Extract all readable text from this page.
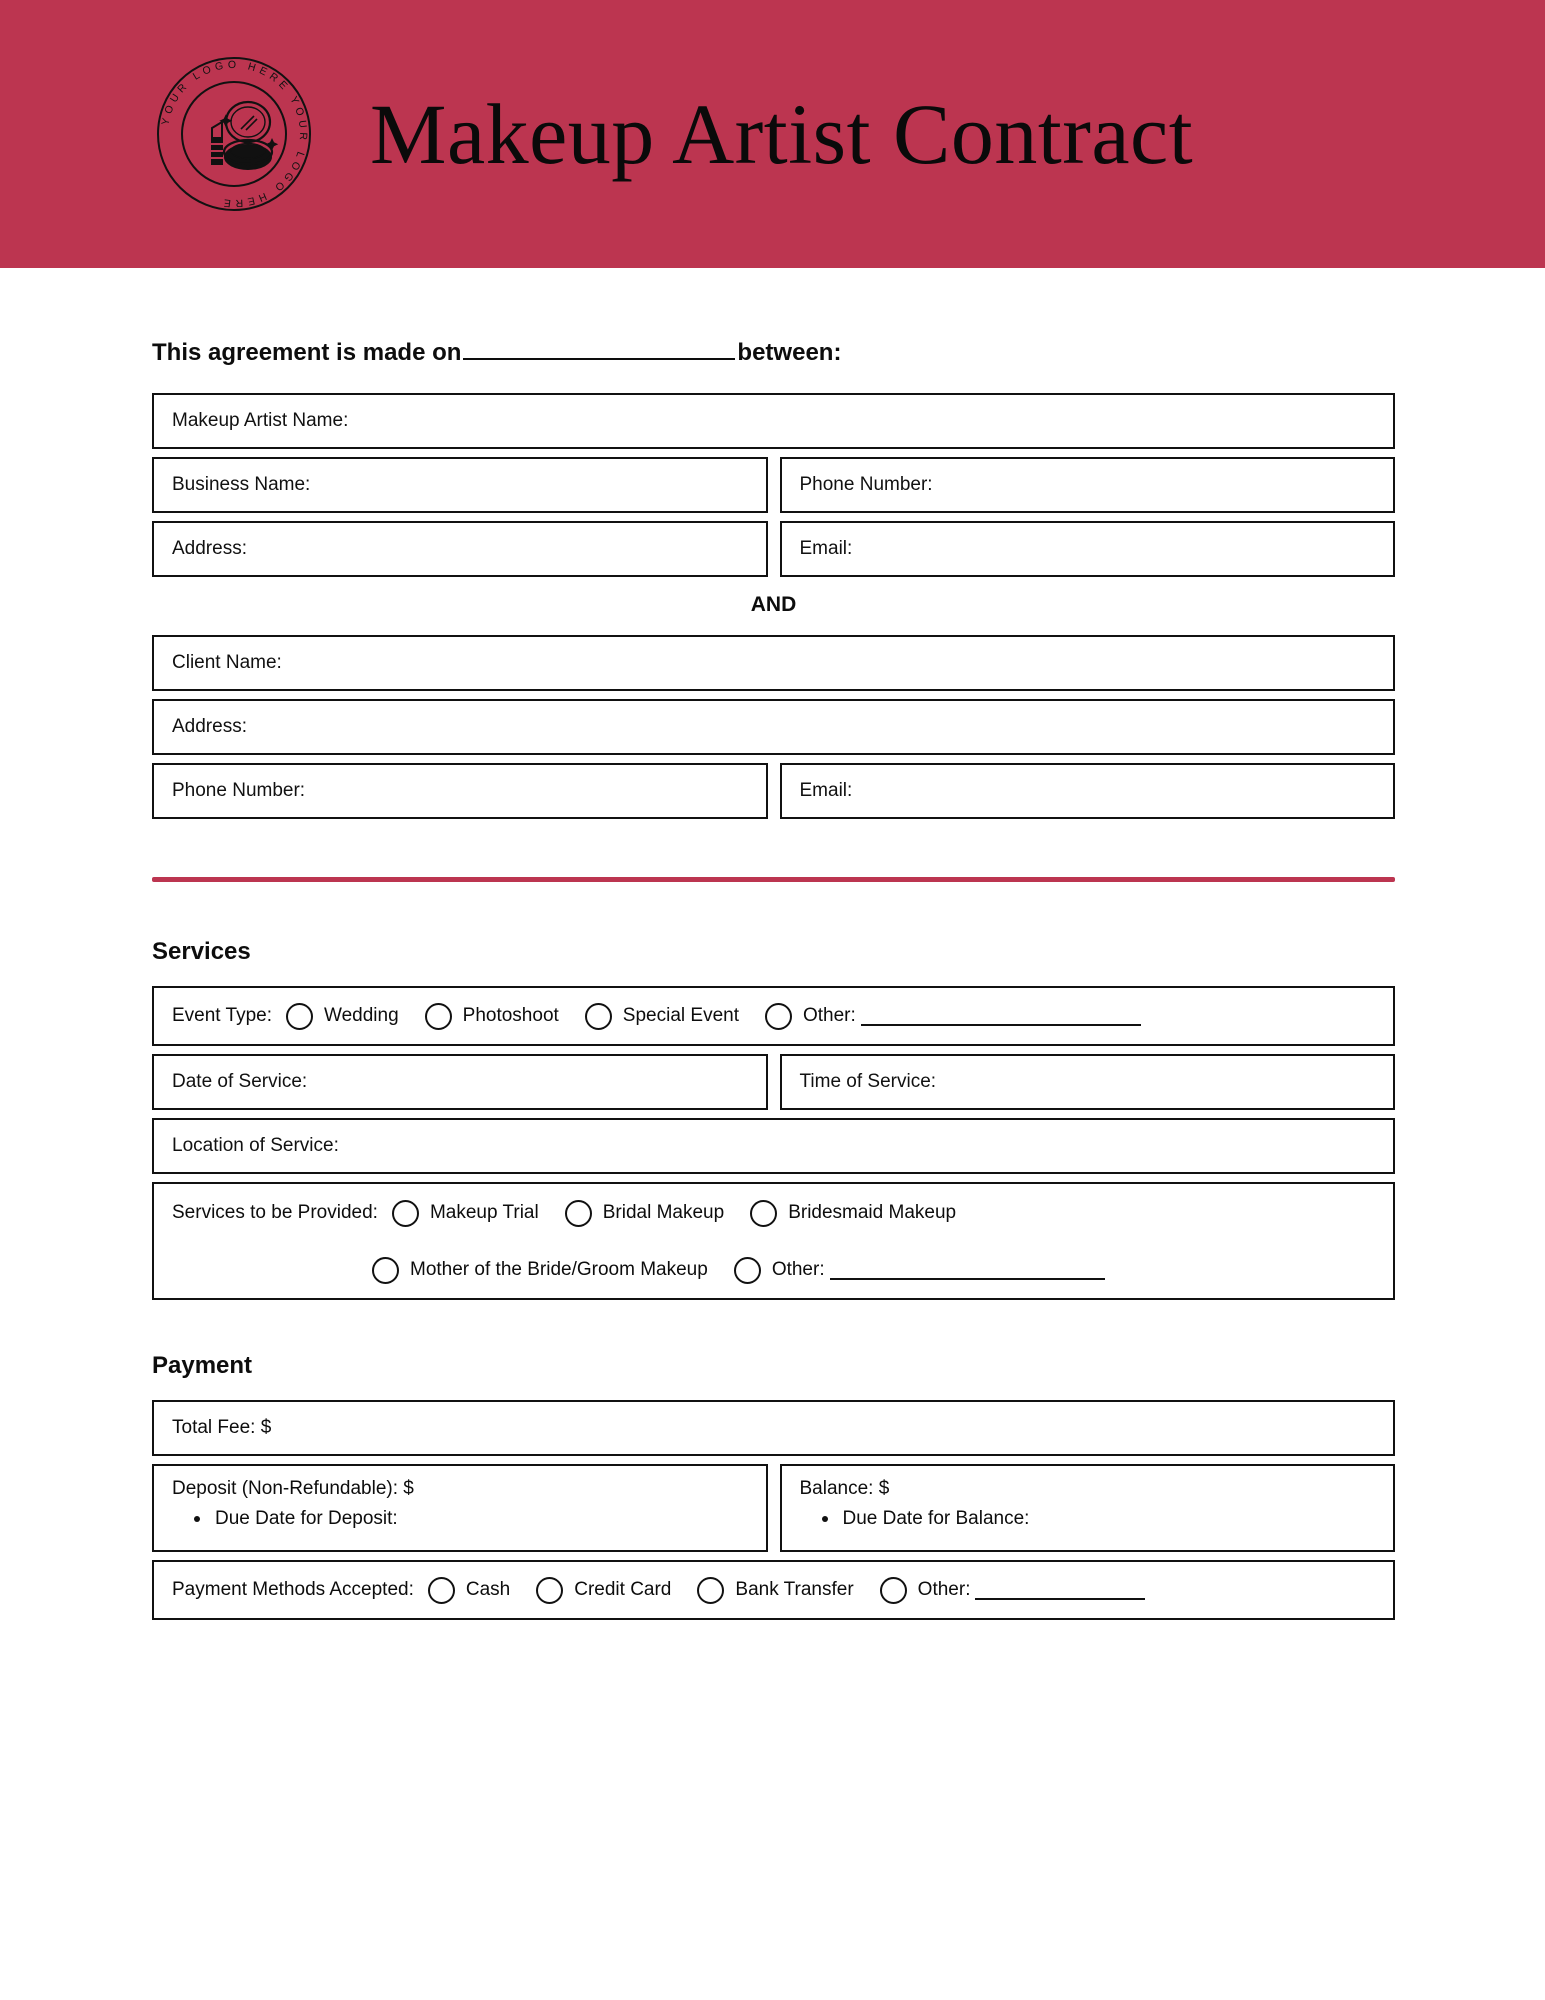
YOUR LOGO HERE YOUR LOGO HERE
Makeup Artist Contract
This agreement is made on	between:
Makeup Artist Name:
Business Name:	Phone Number:
Address:	Email:
AND
Client Name:
Address:
Phone Number:	Email:
Services
Event Type:	Wedding	Photoshoot	Special Event	Other:
Date of Service:	Time of Service:
Location of Service:
Services to be Provided:	Makeup Trial	Bridal Makeup	Bridesmaid Makeup
Mother of the Bride/Groom Makeup	Other:
Payment
Total Fee: $
Deposit (Non-Refundable): $
Due Date for Deposit:
Balance: $
Due Date for Balance:
Payment Methods Accepted:	Cash	Credit Card	Bank Transfer	Other:
